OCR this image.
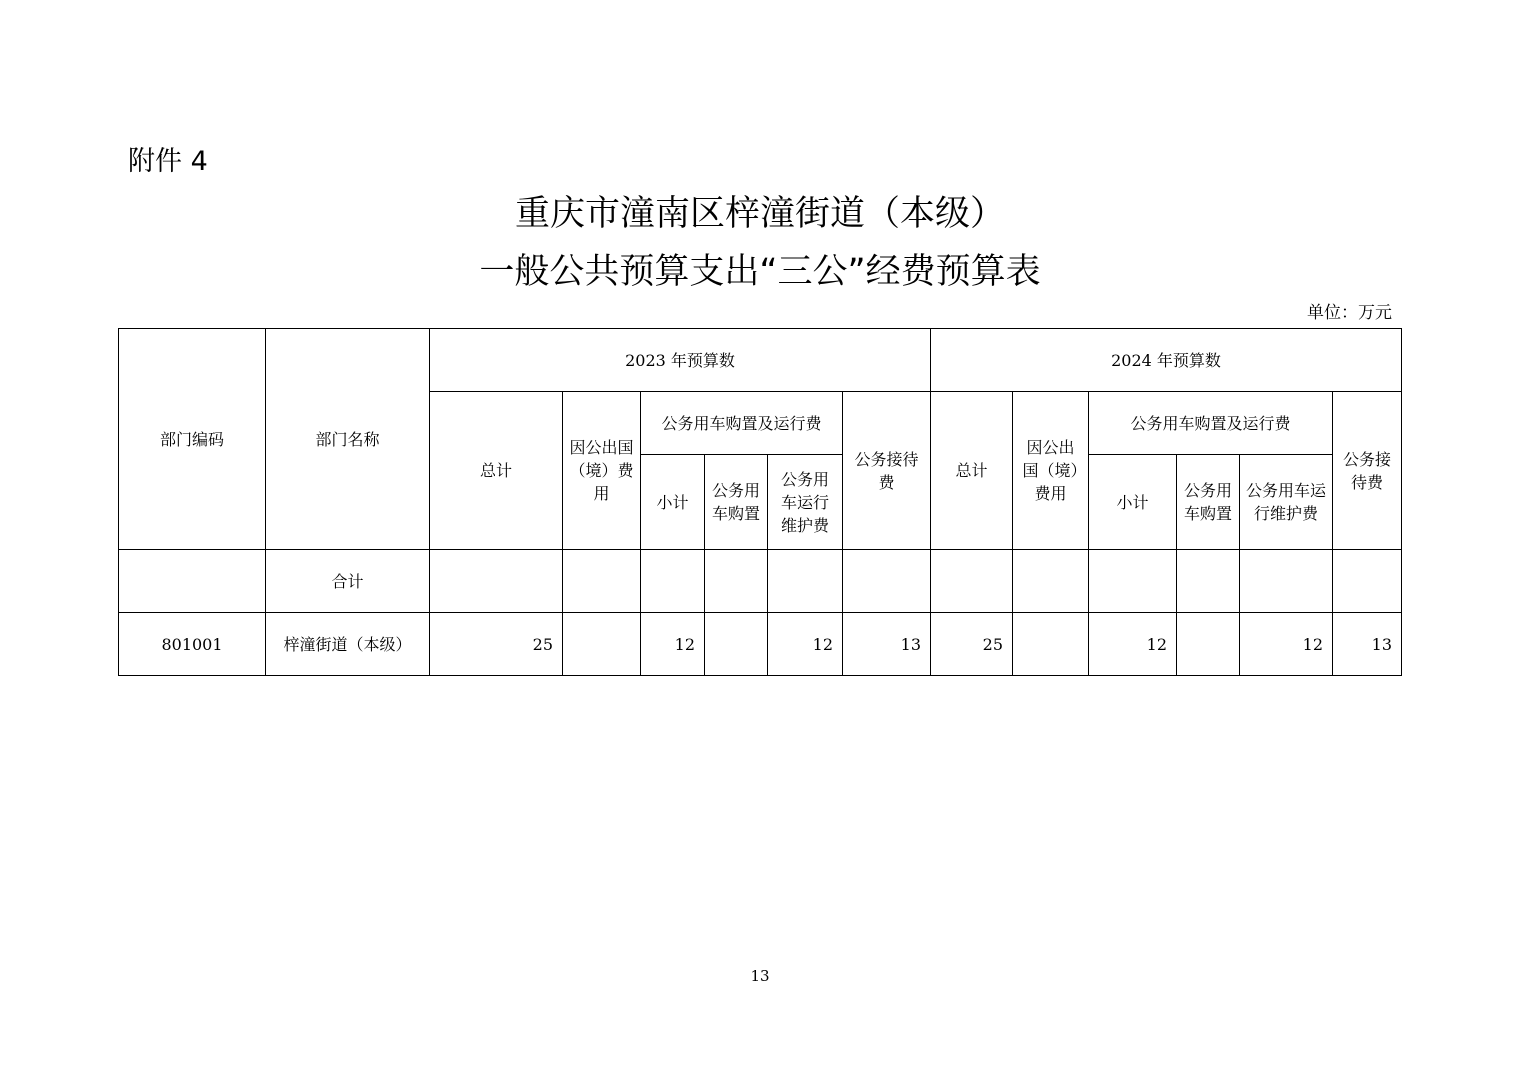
附件 4
重庆市潼南区梓潼街道（本级）
一般公共预算支出“三公”经费预算表
单位：万元
部门编码	部门名称	2023 年预算数						2024 年预算数					
		总计	因公出国（境）费用	公务用车购置及运行费			公务接待费	总计	因公出国（境）费用	公务用车购置及运行费			公务接待费
				小计	公务用车购置	公务用车运行维护费				小计	公务用车购置	公务用车运行维护费	
	合计												
801001	梓潼街道（本级）	25		12		12	13	25		12		12	13
13
